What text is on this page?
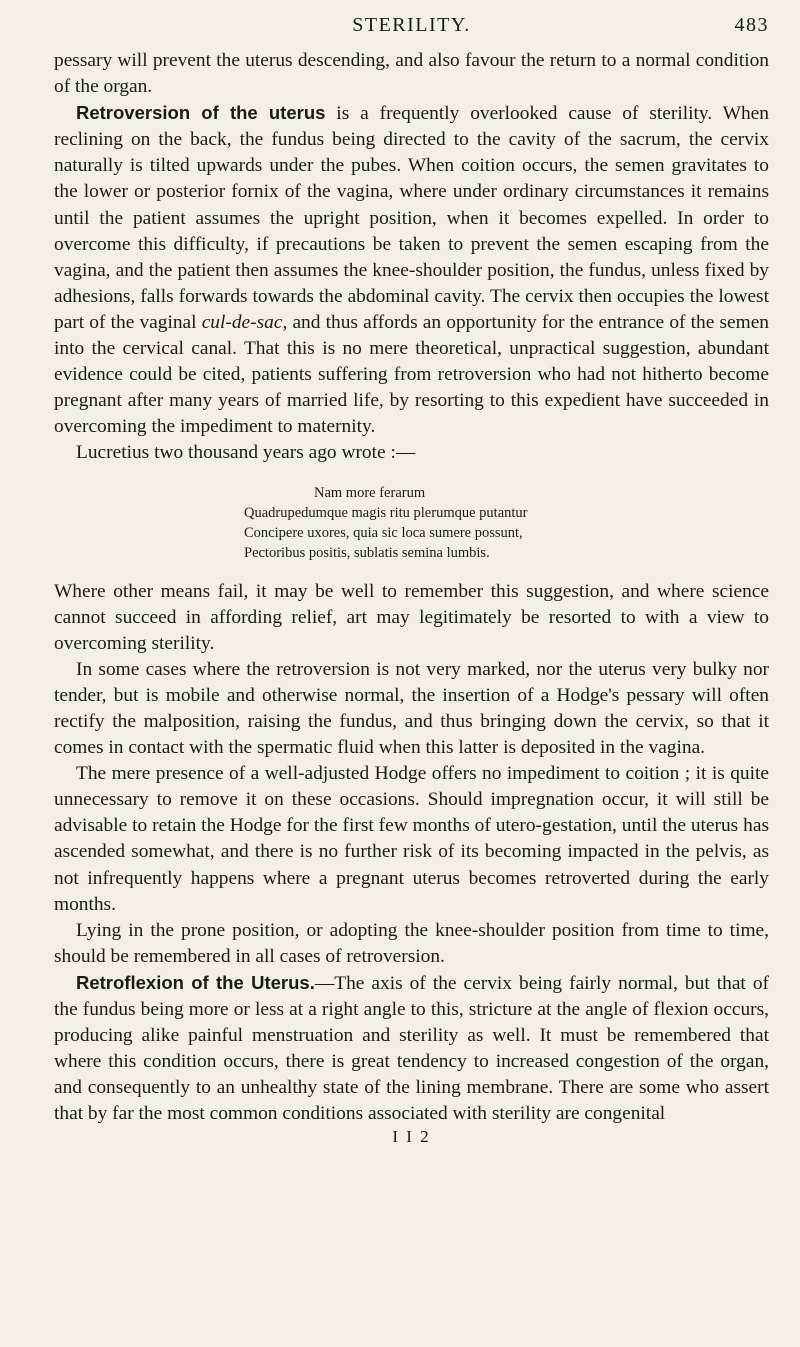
STERILITY.	483

pessary will prevent the uterus descending, and also favour the return to a normal condition of the organ.

Retroversion of the uterus is a frequently overlooked cause of sterility. When reclining on the back, the fundus being directed to the cavity of the sacrum, the cervix naturally is tilted upwards under the pubes. When coition occurs, the semen gravitates to the lower or posterior fornix of the vagina, where under ordinary circumstances it remains until the patient assumes the upright position, when it becomes expelled. In order to overcome this difficulty, if precautions be taken to prevent the semen escaping from the vagina, and the patient then assumes the knee-shoulder position, the fundus, unless fixed by adhesions, falls forwards towards the abdominal cavity. The cervix then occupies the lowest part of the vaginal cul-de-sac, and thus affords an opportunity for the entrance of the semen into the cervical canal. That this is no mere theoretical, unpractical suggestion, abundant evidence could be cited, patients suffering from retroversion who had not hitherto become pregnant after many years of married life, by resorting to this expedient have succeeded in overcoming the impediment to maternity.

Lucretius two thousand years ago wrote :—

Nam more ferarum
Quadrupedumque magis ritu plerumque putantur
Concipere uxores, quia sic loca sumere possunt,
Pectoribus positis, sublatis semina lumbis.

Where other means fail, it may be well to remember this suggestion, and where science cannot succeed in affording relief, art may legitimately be resorted to with a view to overcoming sterility.

In some cases where the retroversion is not very marked, nor the uterus very bulky nor tender, but is mobile and otherwise normal, the insertion of a Hodge's pessary will often rectify the malposition, raising the fundus, and thus bringing down the cervix, so that it comes in contact with the spermatic fluid when this latter is deposited in the vagina.

The mere presence of a well-adjusted Hodge offers no impediment to coition ; it is quite unnecessary to remove it on these occasions. Should impregnation occur, it will still be advisable to retain the Hodge for the first few months of utero-gestation, until the uterus has ascended somewhat, and there is no further risk of its becoming impacted in the pelvis, as not infrequently happens where a pregnant uterus becomes retroverted during the early months.

Lying in the prone position, or adopting the knee-shoulder position from time to time, should be remembered in all cases of retroversion.

Retroflexion of the Uterus.—The axis of the cervix being fairly normal, but that of the fundus being more or less at a right angle to this, stricture at the angle of flexion occurs, producing alike painful menstruation and sterility as well. It must be remembered that where this condition occurs, there is great tendency to increased congestion of the organ, and consequently to an unhealthy state of the lining membrane. There are some who assert that by far the most common conditions associated with sterility are congenital

I I 2
